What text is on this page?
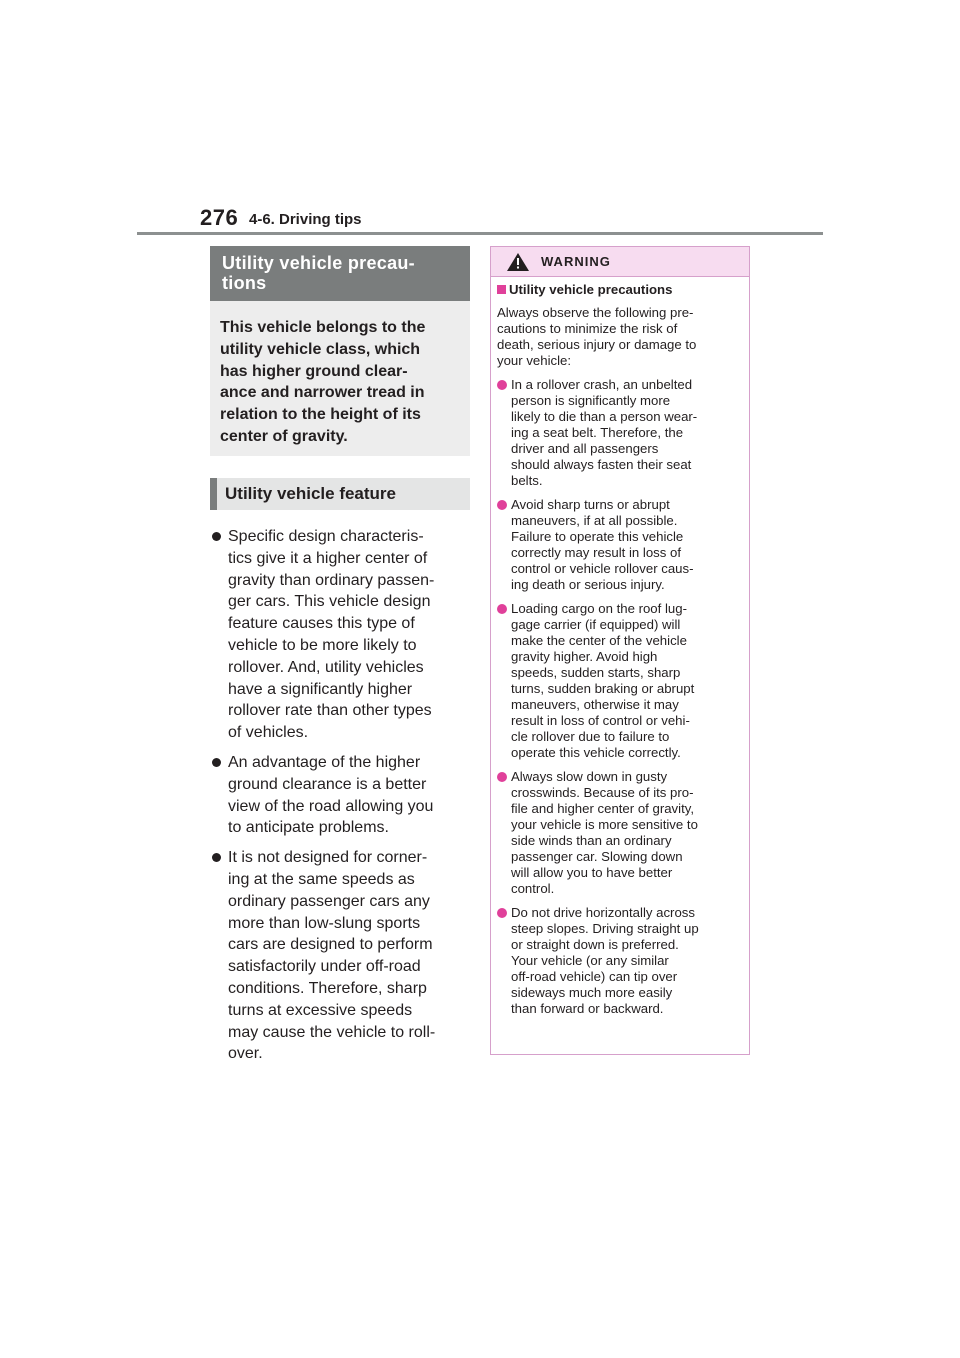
276 4-6. Driving tips
Utility vehicle precau-
tions
This vehicle belongs to the
utility vehicle class, which
has higher ground clear-
ance and narrower tread in
relation to the height of its
center of gravity.
Utility vehicle feature
Specific design characteris-
tics give it a higher center of
gravity than ordinary passen-
ger cars. This vehicle design
feature causes this type of
vehicle to be more likely to
rollover. And, utility vehicles
have a significantly higher
rollover rate than other types
of vehicles.
An advantage of the higher
ground clearance is a better
view of the road allowing you
to anticipate problems.
It is not designed for corner-
ing at the same speeds as
ordinary passenger cars any
more than low-slung sports
cars are designed to perform
satisfactorily under off-road
conditions. Therefore, sharp
turns at excessive speeds
may cause the vehicle to roll-
over.
WARNING
Utility vehicle precautions
Always observe the following pre-
cautions to minimize the risk of
death, serious injury or damage to
your vehicle:
In a rollover crash, an unbelted
person is significantly more
likely to die than a person wear-
ing a seat belt. Therefore, the
driver and all passengers
should always fasten their seat
belts.
Avoid sharp turns or abrupt
maneuvers, if at all possible.
Failure to operate this vehicle
correctly may result in loss of
control or vehicle rollover caus-
ing death or serious injury.
Loading cargo on the roof lug-
gage carrier (if equipped) will
make the center of the vehicle
gravity higher. Avoid high
speeds, sudden starts, sharp
turns, sudden braking or abrupt
maneuvers, otherwise it may
result in loss of control or vehi-
cle rollover due to failure to
operate this vehicle correctly.
Always slow down in gusty
crosswinds. Because of its pro-
file and higher center of gravity,
your vehicle is more sensitive to
side winds than an ordinary
passenger car. Slowing down
will allow you to have better
control.
Do not drive horizontally across
steep slopes. Driving straight up
or straight down is preferred.
Your vehicle (or any similar
off-road vehicle) can tip over
sideways much more easily
than forward or backward.
